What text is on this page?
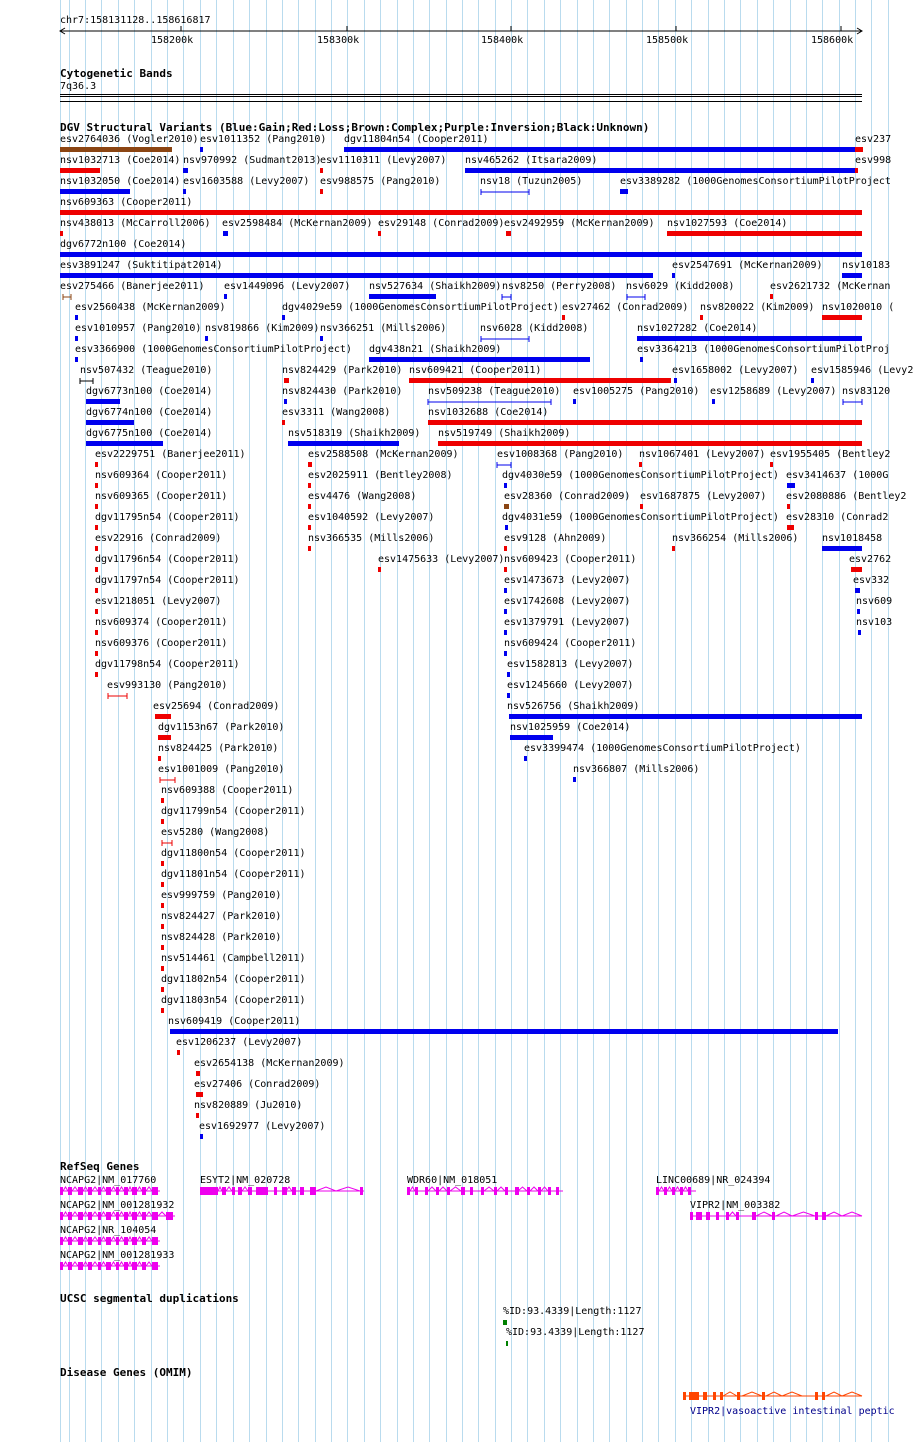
chr7:158131128..158616817
158200k	158300k	158400k	158500k	158600k
Cytogenetic Bands
7q36.3
DGV Structural Variants (Blue:Gain;Red:Loss;Brown:Complex;Purple:Inversion;Black:Unknown)
esv2764036 (Vogler2010) esv1011352 (Pang2010) dgv11804n54 (Cooper2011)	esv237
nsv1032713 (Coe2014) nsv970992 (Sudmant2013)
esv1110311 (Levy2007) nsv465262 (Itsara2009)	esv998
nsv1032050 (Coe2014) esv1603588 (Levy2007) esv988575 (Pang2010)	nsv18 (Tuzun2005)	esv3389282 (1000GenomesConsortiumPilotProject
nsv609363 (Cooper2011)
nsv438013 (McCarroll2006) esv2598484 (McKernan2009) esv29148 (Conrad2009) esv2492959 (McKernan2009) nsv1027593 (Coe2014)
dgv6772n100 (Coe2014)
esv3891247 (Suktitipat2014)	esv2547691 (McKernan2009) nsv10183
esv275466 (Banerjee2011) esv1449096 (Levy2007) nsv527634 (Shaikh2009) nsv8250 (Perry2008) nsv6029 (Kidd2008)	esv2621732 (McKernan
esv2560438 (McKernan2009)	dgv4029e59 (1000GenomesConsortiumPilotProject) esv27462 (Conrad2009) nsv820022 (Kim2009) nsv1020010 (
esv1010957 (Pang2010) nsv819866 (Kim2009) nsv366251 (Mills2006)	nsv6028 (Kidd2008)	nsv1027282 (Coe2014)
esv3366900 (1000GenomesConsortiumPilotProject) dgv438n21 (Shaikh2009)	esv3364213 (1000GenomesConsortiumPilotProj
nsv507432 (Teague2010)	nsv824429 (Park2010) nsv609421 (Cooper2011)	esv1658002 (Levy2007) esv1585946 (Levy2
dgv6773n100 (Coe2014)	nsv824430 (Park2010)	nsv509238 (Teague2010) esv1005275 (Pang2010) esv1258689 (Levy2007) nsv83120
dgv6774n100 (Coe2014)	esv3311 (Wang2008)	nsv1032688 (Coe2014)
dgv6775n100 (Coe2014)	nsv518319 (Shaikh2009) nsv519749 (Shaikh2009)
esv2229751 (Banerjee2011)	esv2588508 (McKernan2009)	esv1008368 (Pang2010) nsv1067401 (Levy2007) esv1955405 (Bentley2
nsv609364 (Cooper2011)	esv2025911 (Bentley2008)	dgv4030e59 (1000GenomesConsortiumPilotProject) esv3414637 (1000G
nsv609365 (Cooper2011)	esv4476 (Wang2008)	esv28360 (Conrad2009) esv1687875 (Levy2007) esv2080886 (Bentley2
dgv11795n54 (Cooper2011)	esv1040592 (Levy2007)	dgv4031e59 (1000GenomesConsortiumPilotProject) esv28310 (Conrad2
esv22916 (Conrad2009)	nsv366535 (Mills2006)	esv9128 (Ahn2009)	nsv366254 (Mills2006) nsv1018458
dgv11796n54 (Cooper2011)	esv1475633 (Levy2007) nsv609423 (Cooper2011)	esv2762
dgv11797n54 (Cooper2011)	esv1473673 (Levy2007)	esv332
esv1218051 (Levy2007)	esv1742608 (Levy2007)	nsv609
nsv609374 (Cooper2011)	esv1379791 (Levy2007)	nsv103
nsv609376 (Cooper2011)	nsv609424 (Cooper2011)
dgv11798n54 (Cooper2011)	esv1582813 (Levy2007)
esv993130 (Pang2010)	esv1245660 (Levy2007)
esv25694 (Conrad2009)	nsv526756 (Shaikh2009)
dgv1153n67 (Park2010)	nsv1025959 (Coe2014)
nsv824425 (Park2010)	esv3399474 (1000GenomesConsortiumPilotProject)
esv1001009 (Pang2010)	nsv366807 (Mills2006)
nsv609388 (Cooper2011)
dgv11799n54 (Cooper2011)
esv5280 (Wang2008)
dgv11800n54 (Cooper2011)
dgv11801n54 (Cooper2011)
esv999759 (Pang2010)
nsv824427 (Park2010)
nsv824428 (Park2010)
nsv514461 (Campbell2011)
dgv11802n54 (Cooper2011)
dgv11803n54 (Cooper2011)
nsv609419 (Cooper2011)
esv1206237 (Levy2007)
esv2654138 (McKernan2009)
esv27406 (Conrad2009)
nsv820889 (Ju2010)
esv1692977 (Levy2007)
RefSeq Genes
NCAPG2|NM_017760	ESYT2|NM_020728	WDR60|NM_018051	LINC00689|NR_024394
NCAPG2|NM_001281932	VIPR2|NM_003382
NCAPG2|NR_104054
NCAPG2|NM_001281933
UCSC segmental duplications
%ID:93.4339|Length:1127
%ID:93.4339|Length:1127
Disease Genes (OMIM)
VIPR2|vasoactive intestinal peptic
